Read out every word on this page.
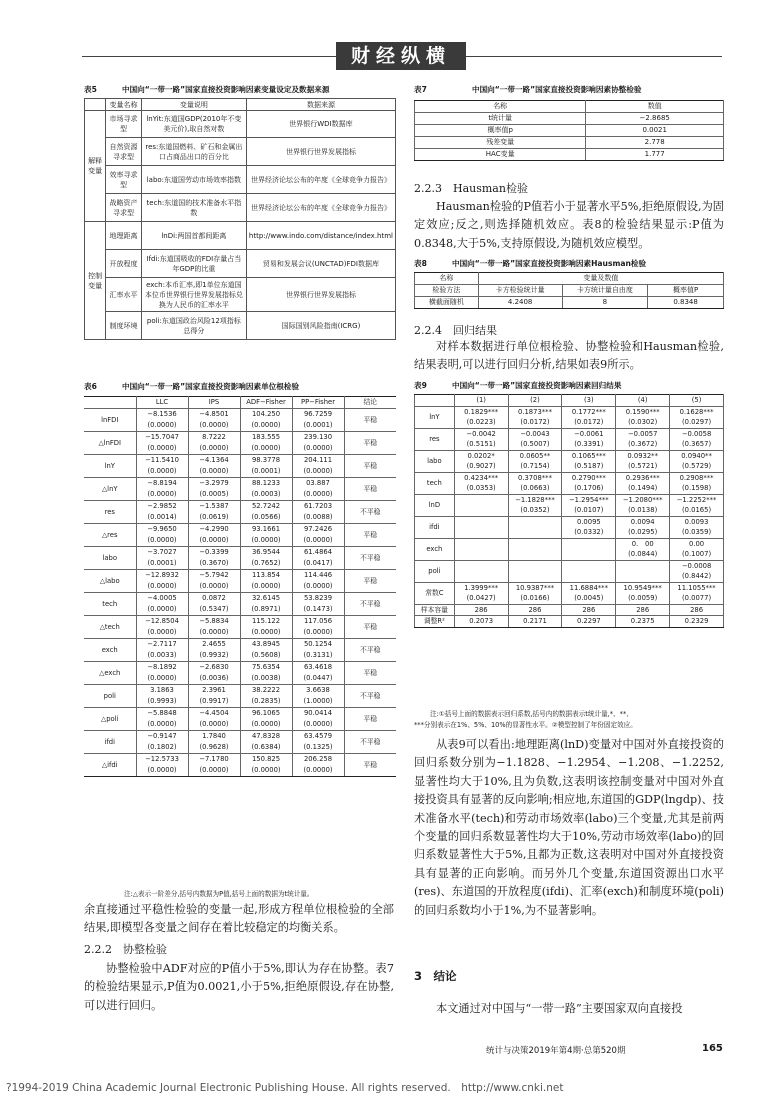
财经纵横
表5	中国向“一带一路”国家直接投资影响因素变量设定及数据来源
	变量名称	变量说明	数据来源
解释变量	市场寻求型	lnYit:东道国GDP(2010年不变美元价),取自然对数	世界银行WDI数据库
	自然资源寻求型	res:东道国燃料、矿石和金属出口占商品出口的百分比	世界银行世界发展指标
	效率寻求型	labo:东道国劳动市场效率指数	世界经济论坛公布的年度《全球竞争力报告》
	战略资产寻求型	tech:东道国的技术准备水平指数	世界经济论坛公布的年度《全球竞争力报告》
控制变量	地理距离	lnDi:两国首都间距离	http://www.indo.com/distance/index.html
	开放程度	Ifdi:东道国吸收的FDI存量占当年GDP的比重	贸易和发展会议(UNCTAD)FDI数据库
	汇率水平	exch:本币汇率,即1单位东道国本位币世界银行世界发展指标兑换为人民币的汇率水平	世界银行世界发展指标
	制度环境	poli:东道国政治风险12项指标总得分	国际国别风险指南(ICRG)
表6	中国向“一带一路”国家直接投资影响因素单位根检验
	LLC	IPS	ADF−Fisher	PP−Fisher	结论
lnFDI	−8.1536	−4.8501	104.250	96.7259	平稳
	(0.0000)	(0.0000)	(0.0000)	(0.0001)	
△lnFDI	−15.7047	8.7222	183.555	239.130	平稳
	(0.0000)	(0.0000)	(0.0000)	(0.0000)	
lnY	−11.5410	−4.1364	98.3778	204.111	平稳
	(0.0000)	(0.0000)	(0.0001)	(0.0000)	
△lnY	−8.8194	−3.2979	88.1233	03.887	平稳
	(0.0000)	(0.0005)	(0.0003)	(0.0000)	
res	−2.9852	−1.5387	52.7242	61.7203	不平稳
	(0.0014)	(0.0619)	(0.0566)	(0.0088)	
△res	−9.9650	−4.2990	93.1661	97.2426	平稳
	(0.0000)	(0.0000)	(0.0000)	(0.0000)	
labo	−3.7027	−0.3399	36.9544	61.4864	不平稳
	(0.0001)	(0.3670)	(0.7652)	(0.0417)	
△labo	−12.8932	−5.7942	113.854	114.446	平稳
	(0.0000)	(0.0000)	(0.0000)	(0.0000)	
tech	−4.0005	0.0872	32.6145	53.8239	不平稳
	(0.0000)	(0.5347)	(0.8971)	(0.1473)	
△tech	−12.8504	−5.8834	115.122	117.056	平稳
	(0.0000)	(0.0000)	(0.0000)	(0.0000)	
exch	−2.7117	2.4655	43.8945	50.1254	不平稳
	(0.0033)	(0.9932)	(0.5608)	(0.3131)	
△exch	−8.1892	−2.6830	75.6354	63.4618	平稳
	(0.0000)	(0.0036)	(0.0038)	(0.0447)	
poli	3.1863	2.3961	38.2222	3.6638	不平稳
	(0.9993)	(0.9917)	(0.2835)	(1.0000)	
△poli	−5.8848	−4.4504	96.1065	90.0414	平稳
	(0.0000)	(0.0000)	(0.0000)	(0.0000)	
ifdi	−0.9147	1.7840	47.8328	63.4579	不平稳
	(0.1802)	(0.9628)	(0.6384)	(0.1325)	
△ifdi	−12.5733	−7.1780	150.825	206.258	平稳
	(0.0000)	(0.0000)	(0.0000)	(0.0000)	
注:△表示一阶差分,括号内数据为P值,括号上面的数据为t统计量。
余直接通过平稳性检验的变量一起,形成方程单位根检验的全部结果,即模型各变量之间存在着比较稳定的均衡关系。
2.2.2　协整检验
协整检验中ADF对应的P值小于5%,即认为存在协整。表7的检验结果显示,P值为0.0021,小于5%,拒绝原假设,存在协整,可以进行回归。
表7	中国向“一带一路”国家直接投资影响因素协整检验
名称	数值
t统计量	−2.8685
概率值p	0.0021
残差变量	2.778
HAC变量	1.777
2.2.3　Hausman检验
Hausman检验的P值若小于显著水平5%,拒绝原假设,为固定效应;反之,则选择随机效应。表8的检验结果显示:P值为0.8348,大于5%,支持原假设,为随机效应模型。
表8	中国向“一带一路”国家直接投资影响因素Hausman检验
名称	变量及数值		
检验方法	卡方检验统计量	卡方统计量自由度	概率值P
横截面随机	4.2408	8	0.8348
2.2.4　回归结果
对样本数据进行单位根检验、协整检验和Hausman检验,结果表明,可以进行回归分析,结果如表9所示。
表9	中国向“一带一路”国家直接投资影响因素回归结果
	(1)	(2)	(3)	(4)	(5)
lnY	0.1829***	0.1873***	0.1772***	0.1590***	0.1628***
	(0.0223)	(0.0172)	(0.0172)	(0.0302)	(0.0297)
res	−0.0042	−0.0043	−0.0061	−0.0057	−0.0058
	(0.5151)	(0.5007)	(0.3391)	(0.3672)	(0.3657)
labo	0.0202*	0.0605**	0.1065***	0.0932**	0.0940**
	(0.9027)	(0.7154)	(0.5187)	(0.5721)	(0.5729)
tech	0.4234***	0.3708***	0.2790***	0.2936***	0.2908***
	(0.0353)	(0.0663)	(0.1706)	(0.1494)	(0.1598)
lnD		−1.1828***	−1.2954***	−1.2080***	−1.2252***
		(0.0352)	(0.0107)	(0.0138)	(0.0165)
ifdi			0.0095	0.0094	0.0093
			(0.0332)	(0.0295)	(0.0359)
exch				0.　00	0.00
				(0.0844)	(0.1007)
poli					−0.0008
					(0.8442)
常数C	1.3999***	10.9387***	11.6884***	10.9549***	11.1055***
	(0.0427)	(0.0166)	(0.0045)	(0.0059)	(0.0077)
样本容量	286	286	286	286	286
调整R²	0.2073	0.2171	0.2297	0.2375	0.2329
注:①括号上面的数据表示回归系数,括号内的数据表示t统计量,*、**、
***分别表示在1%、5%、10%的显著性水平。②模型控制了年份固定效应。
从表9可以看出:地理距离(lnD)变量对中国对外直接投资的回归系数分别为−1.1828、−1.2954、−1.208、−1.2252,显著性均大于10%,且为负数,这表明该控制变量对中国对外直接投资具有显著的反向影响;相应地,东道国的GDP(lngdp)、技术准备水平(tech)和劳动市场效率(labo)三个变量,尤其是前两个变量的回归系数显著性均大于10%,劳动市场效率(labo)的回归系数显著性大于5%,且都为正数,这表明对中国对外直接投资具有显著的正向影响。而另外几个变量,东道国资源出口水平(res)、东道国的开放程度(ifdi)、汇率(exch)和制度环境(poli)的回归系数均小于1%,为不显著影响。
3　结论
本文通过对中国与“一带一路”主要国家双向直接投
统计与决策2019年第4期·总第520期	165
?1994-2019 China Academic Journal Electronic Publishing House. All rights reserved.　http://www.cnki.net
